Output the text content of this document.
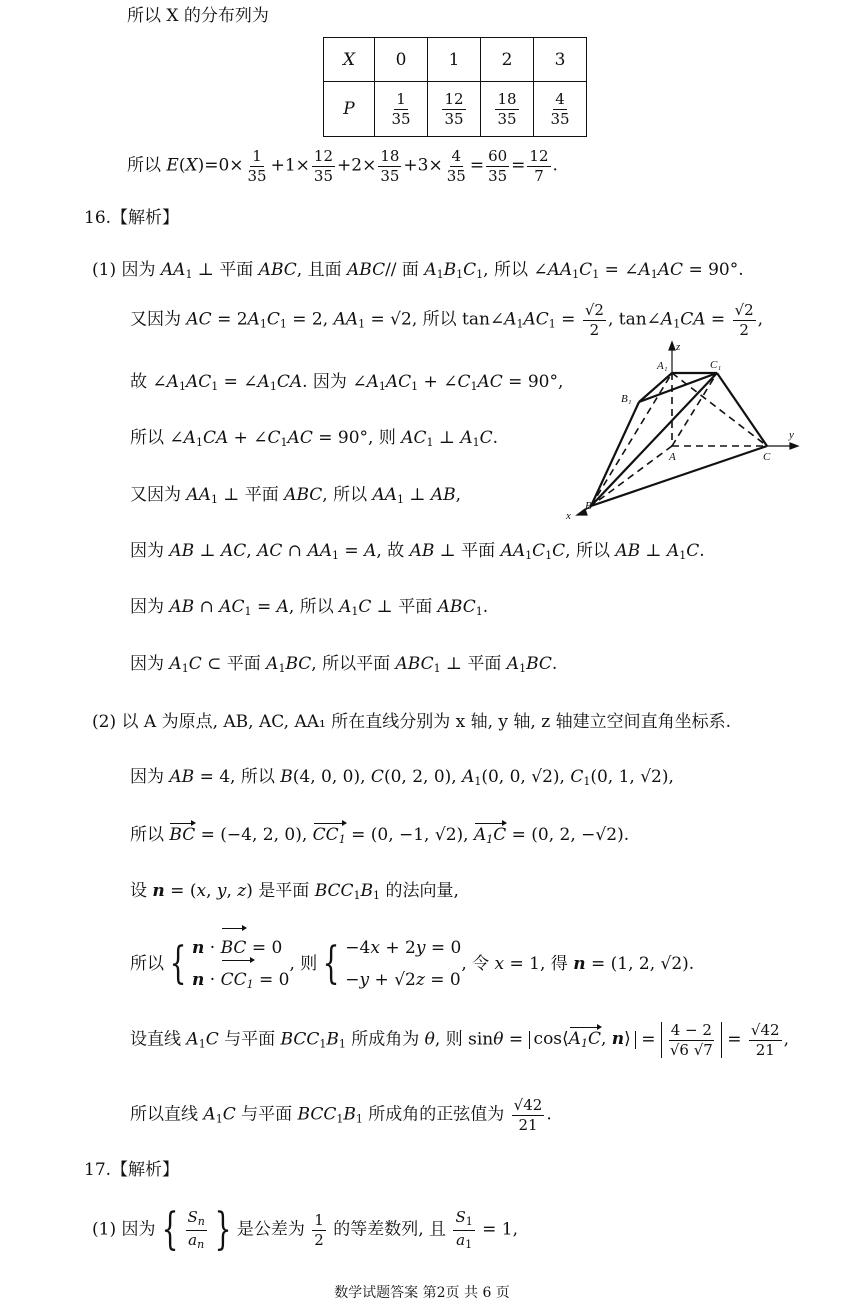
所以 X 的分布列为
X	0	1	2	3
P	$\frac{1}{35}$	$\frac{12}{35}$	$\frac{18}{35}$	$\frac{4}{35}$
所以 $E(X)=0\times \frac{1}{35} +1\times \frac{12}{35} +2\times \frac{18}{35} +3\times \frac{4}{35} = \frac{60}{35} = \frac{12}{7}$ .
16.【解析】
(1) 因为 $AA_1$ ⊥ 平面 ABC, 且面 ABC// 面 $A_1B_1C_1$, 所以 $\angle AA_1C_1$ = $\angle A_1AC = 90^\circ$.
又因为 AC = $2A_1C_1 = 2$, $AA_1 = √2$, 所以 $\tan\angle A_1AC_1 = \frac{√2}{2}$ , $\tan\angle A_1CA = \frac{√2}{2}$ ,
故 $\angle A_1AC_1$ = $\angle A_1CA$. 因为 $\angle A_1AC_1$ + $\angle C_1AC = 90^\circ$,
所以 $\angle A_1CA$ + $\angle C_1AC = 90^\circ$, 则 $AC_1$ ⊥ $A_1C$.
又因为 $AA_1$ ⊥ 平面 ABC, 所以 $AA_1$ ⊥ AB,
因为 AB ⊥ AC, AC ∩ $AA_1 = A$, 故 AB ⊥ 平面 $AA_1C_1C$, 所以 AB ⊥ $A_1C$.
因为 AB ∩ $AC_1 = A$, 所以 $A_1C$ ⊥ 平面 $ABC_1$.
因为 $A_1C$ ⊂ 平面 $A_1BC$, 所以平面 $ABC_1$ ⊥ 平面 $A_1BC$.
A₁
z
C₁
B₁
y
A	C
B
x
(2) 以 A 为原点, AB, AC, AA₁ 所在直线分别为 x 轴, y 轴, z 轴建立空间直角坐标系.
因为 AB = 4, 所以 B(4, 0, 0), C(0, 2, 0), $A_1(0$, 0, √2), $C_1(0$, 1, √2),
所以 BC = (−4, 2, 0), $CC_1 = (0$, −1, √2), $A_1C = (0$, 2, −√2).
设 n = (x, y, z) 是平面 $BCC_1B_1$ 的法向量,
所以 { n · BC = 0
$n \cdot CC_1 = 0$
, 则 { −4x + 2y = 0
−y + √2z = 0
, 令 x = 1, 得 n = (1, 2, √2).
设直线 $A_1C$ 与平面 $BCC_1B_1$ 所成角为 θ, 则 $\sin\theta = \cos⟨A_1C$, n⟩ = $\frac{4 - 2}{√6 √7} = \frac{√42}{21}$ ,
所以直线 $A_1C$ 与平面 $BCC_1B_1$ 所成角的正弦值为 $\frac{√42}{21}$ .
17.【解析】
(1) 因为 { $\frac{S_n}{a_n}$ } 是公差为 $\frac{1}{2}$ 的等差数列, 且 $\frac{S_1}{a_1} = 1$,
数学试题答案 第2页 共 6 页
